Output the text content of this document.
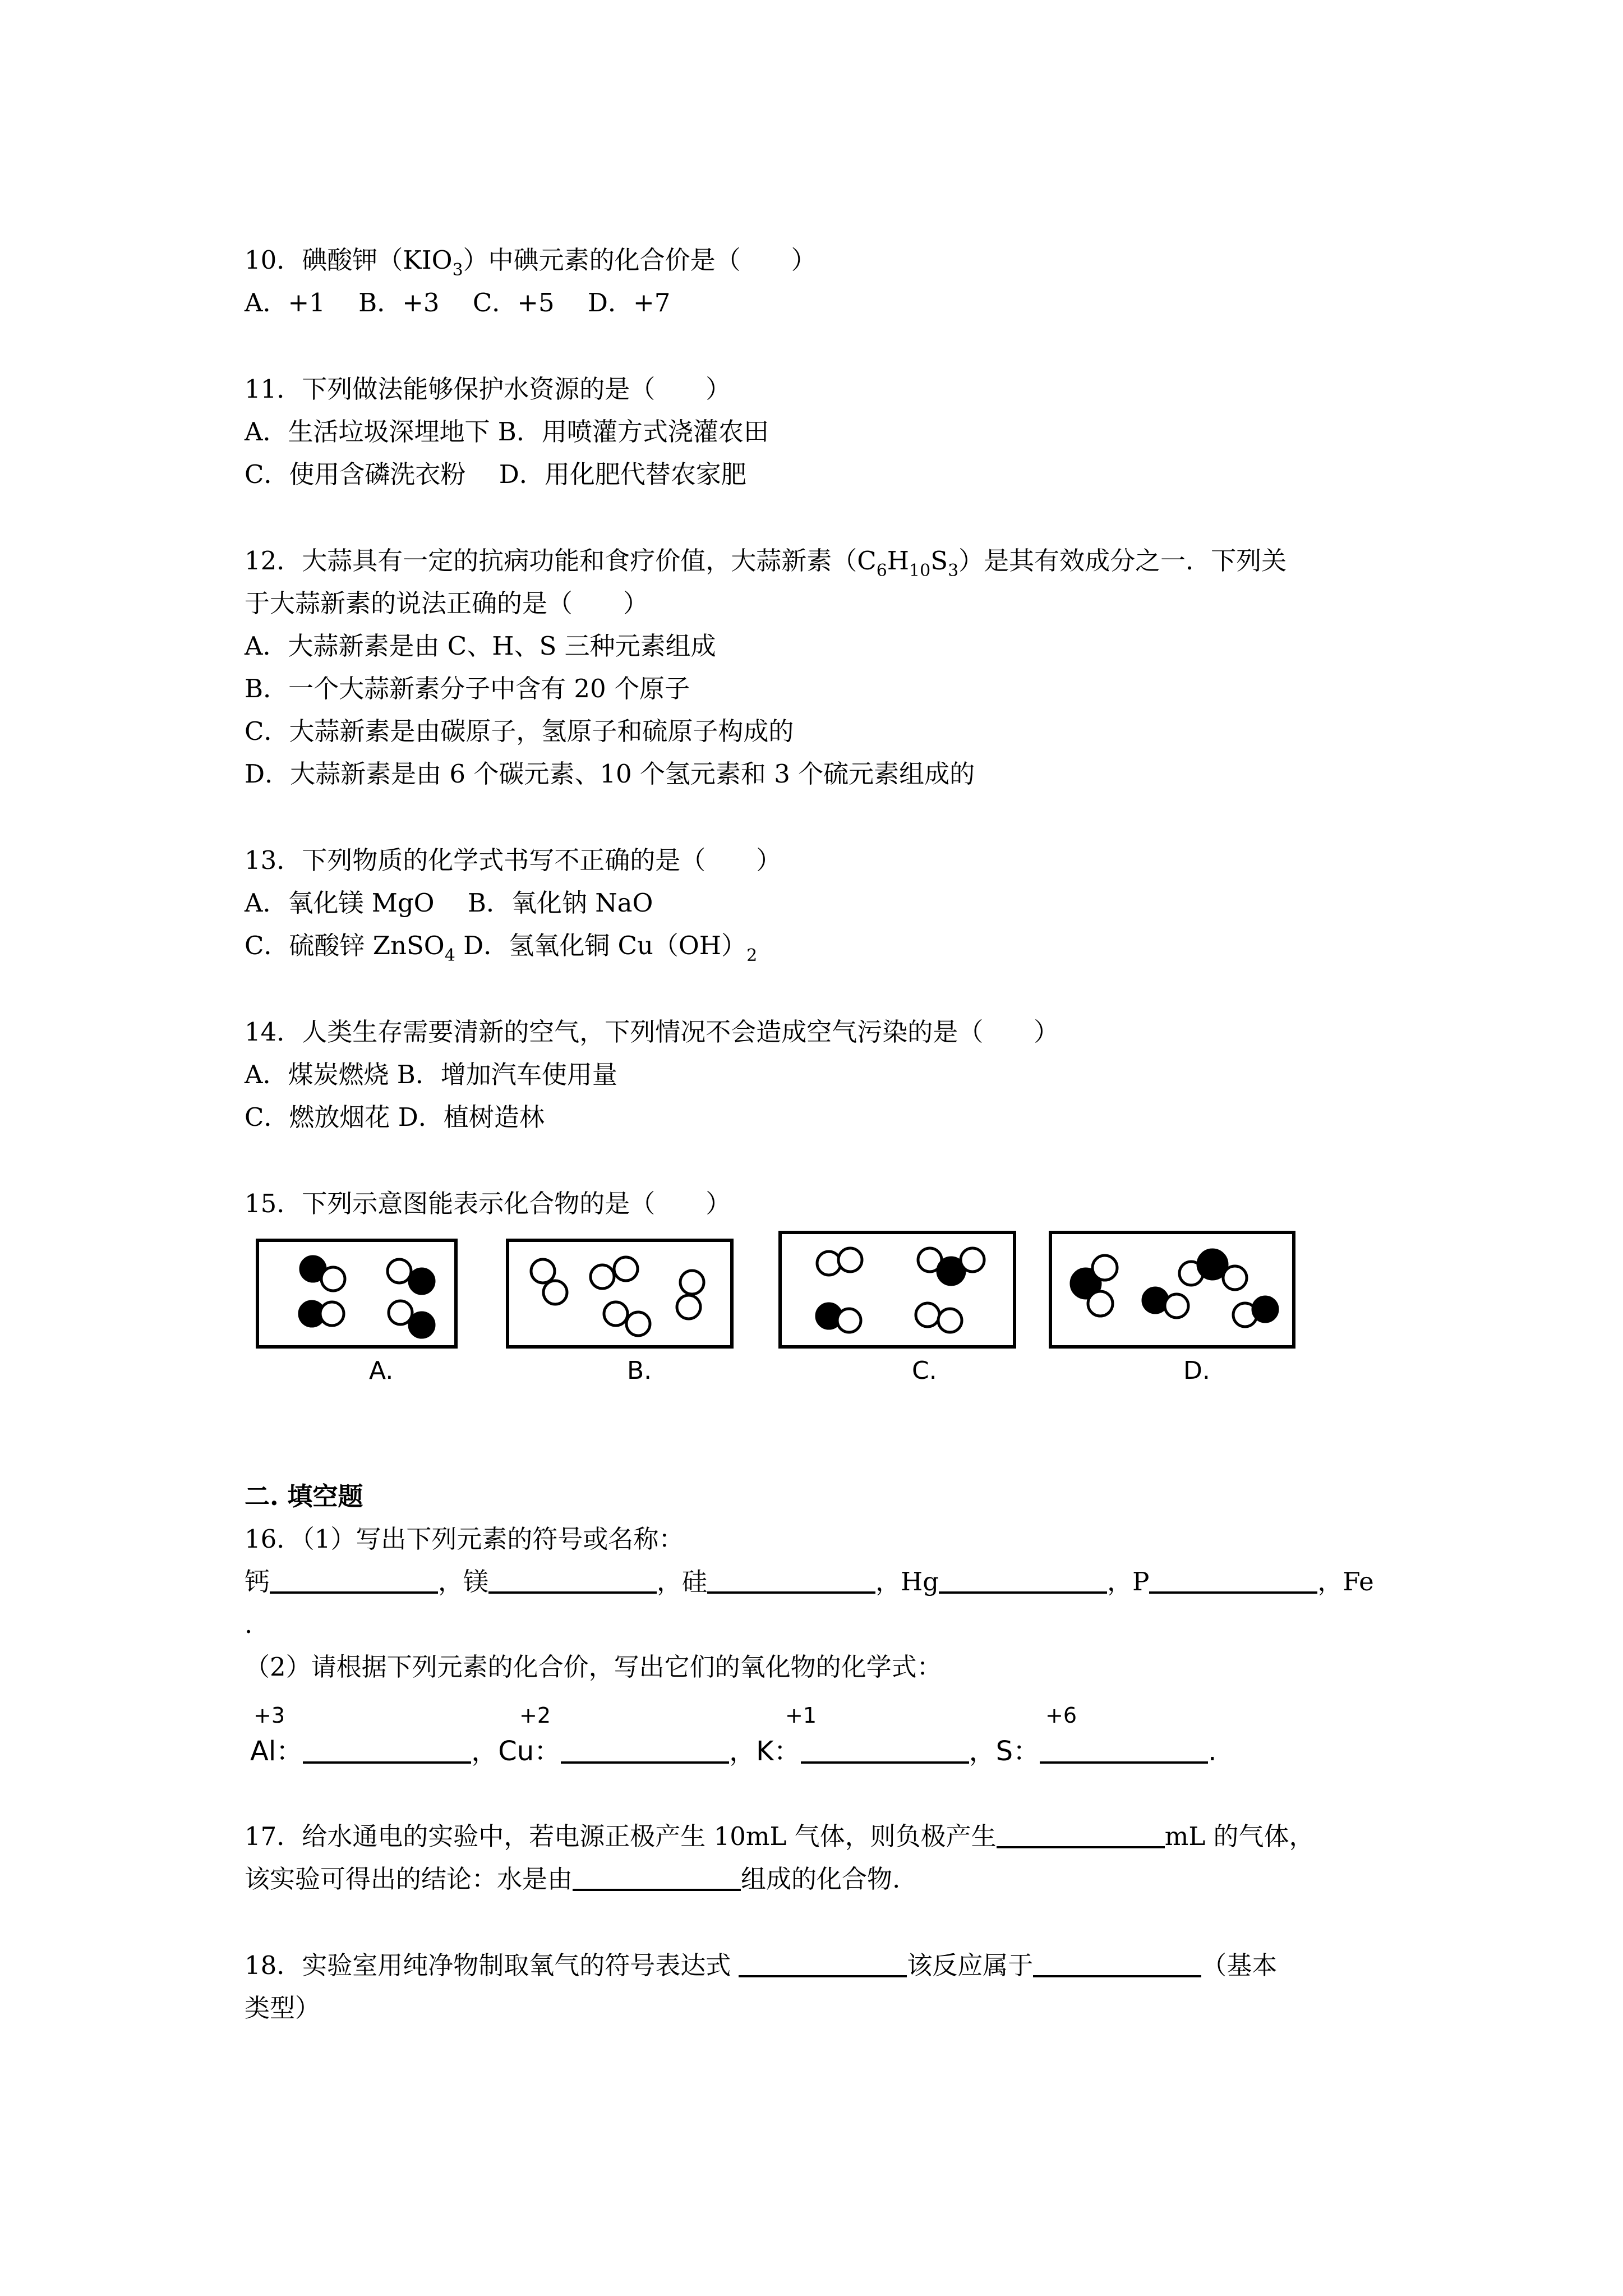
10．碘酸钾$(KIO_3)$中碘元素的化合价是（　　）
A．+1　 B．+3　 C．+5　 D．+7
11．下列做法能够保护水资源的是（　　）
A．生活垃圾深埋地下 B．用喷灌方式浇灌农田
C．使用含磷洗衣粉　 D．用化肥代替农家肥
12．大蒜具有一定的抗病功能和食疗价值，大蒜新素$(C_6H_{10}S_3)$是其有效成分之一．下列关
于大蒜新素的说法正确的是（　　）
A．大蒜新素是由 C、H、S 三种元素组成
B．一个大蒜新素分子中含有 20 个原子
C．大蒜新素是由碳原子，氢原子和硫原子构成的
D．大蒜新素是由 6 个碳元素、10 个氢元素和 3 个硫元素组成的
13．下列物质的化学式书写不正确的是（　　）
A．氧化镁 MgO　 B．氧化钠 NaO
C．硫酸锌 ZnSO$_4$ D．氢氧化铜 $Cu(OH)_2$
14．人类生存需要清新的空气，下列情况不会造成空气污染的是（　　）
A．煤炭燃烧 B．增加汽车使用量
C．燃放烟花 D．植树造林
15．下列示意图能表示化合物的是（　　）
A.	B.	C.	D.
二. 填空题
16．（1）写出下列元素的符号或名称：
钙	，镁	，硅	，Hg	，P	，Fe
.
（2）请根据下列元素的化合价，写出它们的氧化物的化学式：
+3	+2	+1	+6
Al：	，Cu：	，K：	，S：	.
17．给水通电的实验中，若电源正极产生 10mL 气体，则负极产生	mL 的气体，
该实验可得出的结论：水是由	组成的化合物.
18．实验室用纯净物制取氧气的符号表达式	该反应属于	（基本
类型）
